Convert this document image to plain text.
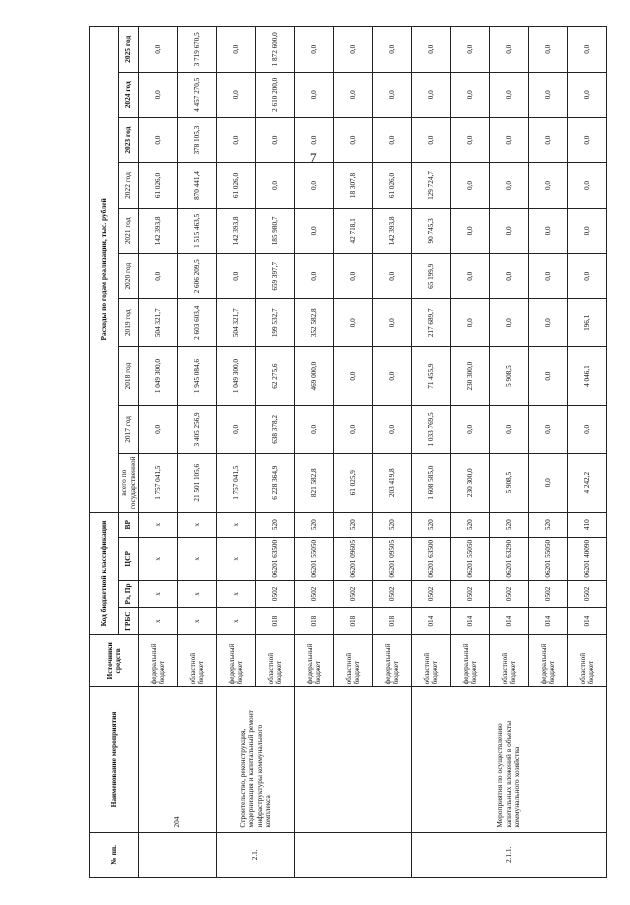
7
№ пп.	Наименование мероприятия	Источники средств	Код бюджетной классификации				Расходы по годам реализации, тыс. рублей									
			ГРБС	Рз, Пр	ЦСР	ВР	всего по государственной	2017 год	2018 год	2019 год	2020 год	2021 год	2022 год	2023 год	2024 год	2025 год

	204	федеральный бюджет	x	x	x	x	1 757 041,5	0,0	1 049 300,0	504 321,7	0,0	142 393,8	61 026,0	0,0	0,0	0,0
		областной бюджет	x	x	x	x	21 501 105,6	3 405 256,9	1 945 084,6	2 603 603,4	2 606 209,5	1 515 463,5	870 441,4	378 105,3	4 457 270,5	3 719 670,5
2.1.	Строительство, реконструкция, модернизация и капитальный ремонт инфраструктуры коммунального комплекса	федеральный бюджет	x	x	x	x	1 757 041,5	0,0	1 049 300,0	504 321,7	0,0	142 393,8	61 026,0	0,0	0,0	0,0
		областной бюджет	018	0502	06201 63500	520	6 228 364,9	638 378,2	62 275,6	199 532,7	659 397,7	185 980,7	0,0	0,0	2 610 200,0	1 872 600,0
		федеральный бюджет	018	0502	06201 55050	520	821 582,8	0,0	469 000,0	352 582,8	0,0	0,0	0,0	0,0	0,0	0,0
		областной бюджет	018	0502	06201 09605	520	61 025,9	0,0	0,0	0,0	0,0	42 718,1	18 307,8	0,0	0,0	0,0
		федеральный бюджет	018	0502	06201 09505	520	203 419,8	0,0	0,0	0,0	0,0	142 393,8	61 026,0	0,0	0,0	0,0
2.1.1.	Мероприятия по осуществлению капитальных вложений в объекты коммунального хозяйства	областной бюджет	014	0502	06201 63500	520	1 608 585,0	1 033 769,5	71 455,9	217 689,7	65 199,9	90 745,3	129 724,7	0,0	0,0	0,0
		федеральный бюджет	014	0502	06201 55050	520	230 300,0	0,0	230 300,0	0,0	0,0	0,0	0,0	0,0	0,0	0,0
		областной бюджет	014	0502	06201 63290	520	5 908,5	0,0	5 908,5	0,0	0,0	0,0	0,0	0,0	0,0	0,0
		федеральный бюджет	014	0502	06201 55050	520	0,0	0,0	0,0	0,0	0,0	0,0	0,0	0,0	0,0	0,0
		областной бюджет	014	0502	06201 40090	410	4 242,2	0,0	4 046,1	196,1	0,0	0,0	0,0	0,0	0,0	0,0
